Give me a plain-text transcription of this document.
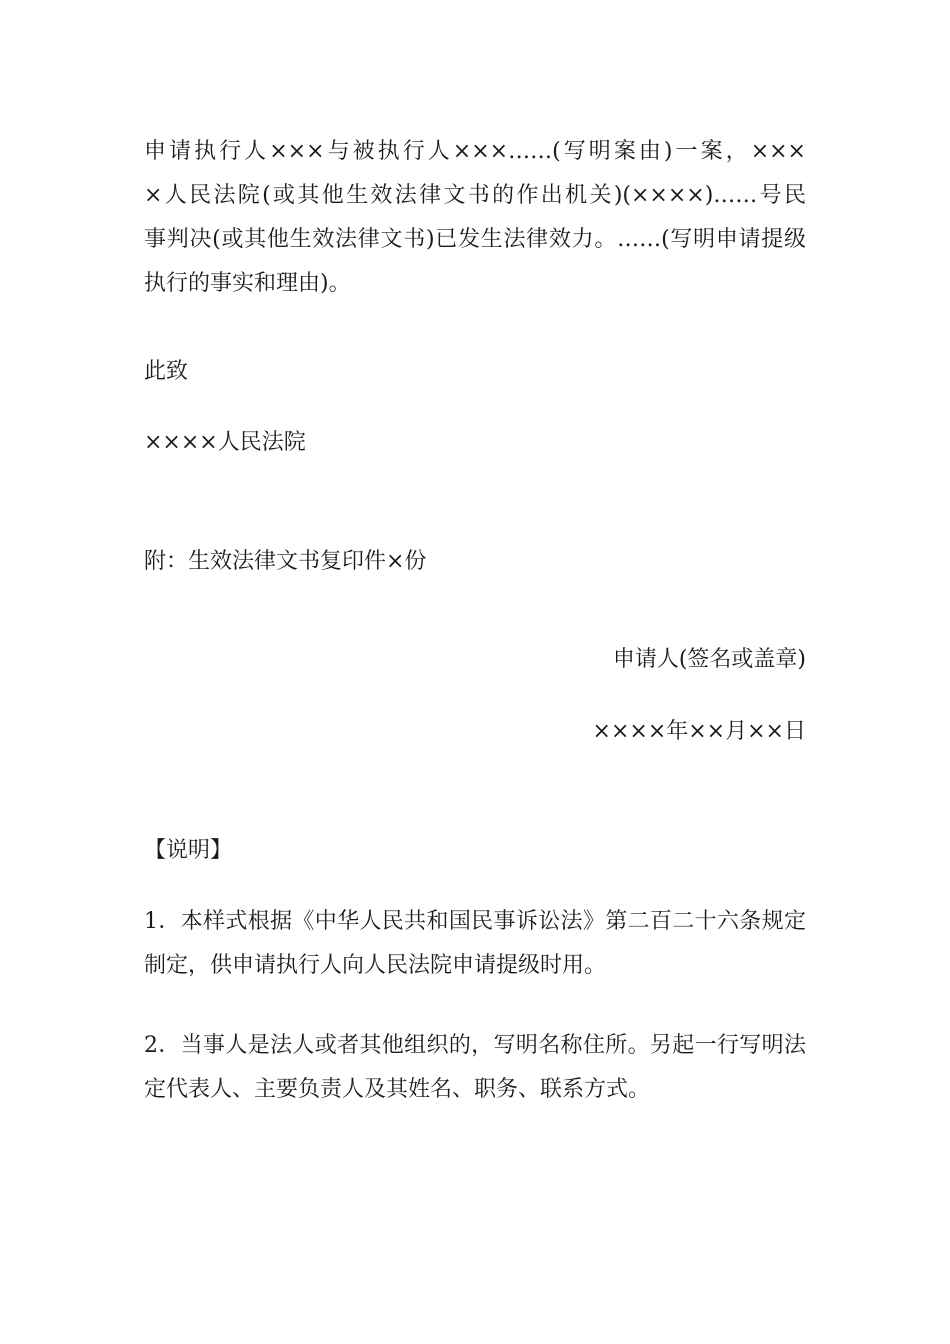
申请执行人×××与被执行人×××……(写明案由)一案，×××
×人民法院(或其他生效法律文书的作出机关)(××××)……号民
事判决(或其他生效法律文书)已发生法律效力。……(写明申请提级
执行的事实和理由)。
此致
××××人民法院
附：生效法律文书复印件×份
申请人(签名或盖章)
××××年××月××日
【说明】
1．本样式根据《中华人民共和国民事诉讼法》第二百二十六条规定
制定，供申请执行人向人民法院申请提级时用。
2．当事人是法人或者其他组织的，写明名称住所。另起一行写明法
定代表人、主要负责人及其姓名、职务、联系方式。
